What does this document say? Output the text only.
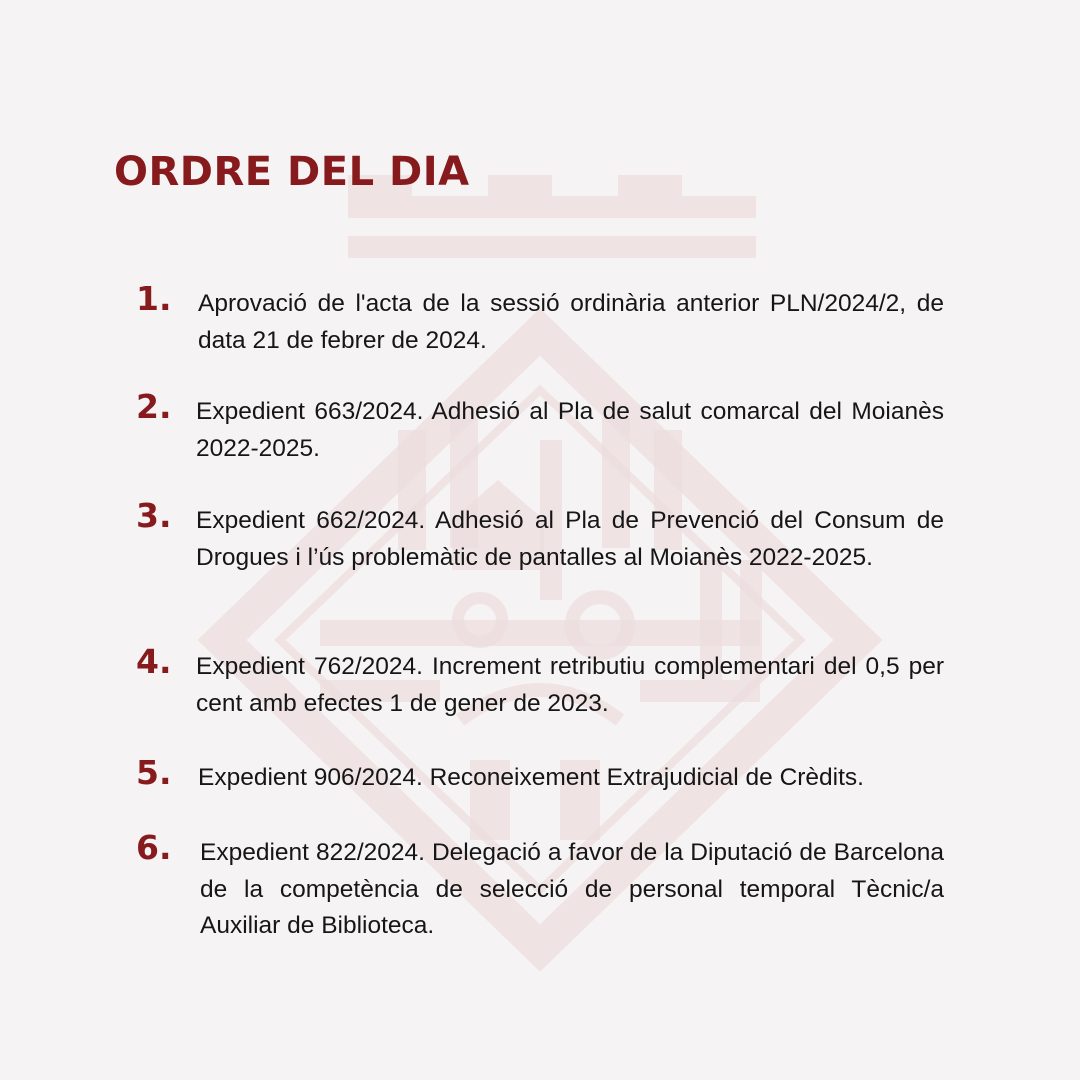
ORDRE DEL DIA
1. Aprovació de l'acta de la sessió ordinària anterior PLN/2024/2, de data 21 de febrer de 2024.

2. Expedient 663/2024. Adhesió al Pla de salut comarcal del Moianès 2022-2025.

3. Expedient 662/2024. Adhesió al Pla de Prevenció del Consum de Drogues i l’ús problemàtic de pantalles al Moianès 2022-2025.

4. Expedient 762/2024. Increment retributiu complementari del 0,5 per cent amb efectes 1 de gener de 2023.

5. Expedient 906/2024. Reconeixement Extrajudicial de Crèdits.

6. Expedient 822/2024. Delegació a favor de la Diputació de Barcelona de la competència de selecció de personal temporal Tècnic/a Auxiliar de Biblioteca.
